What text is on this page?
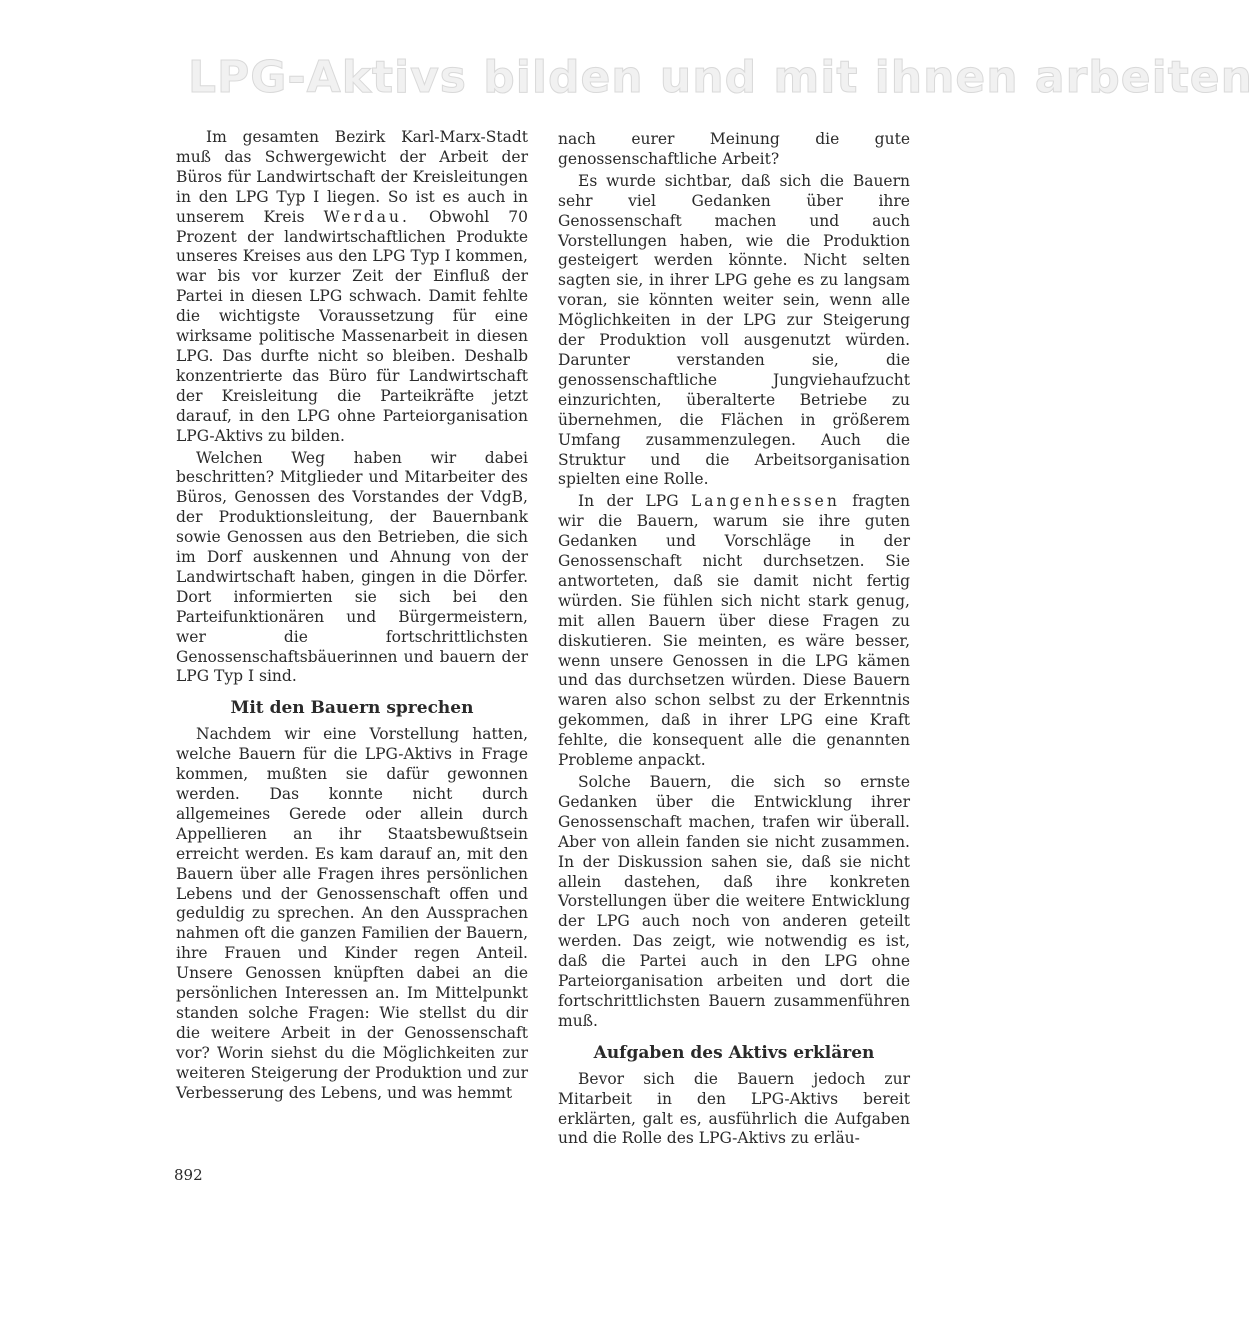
LPG-Aktivs bilden und mit ihnen arbeiten

Im gesamten Bezirk Karl-Marx-Stadt muß das Schwergewicht der Arbeit der Büros für Landwirtschaft der Kreisleitungen in den LPG Typ I liegen. So ist es auch in unserem Kreis Werdau. Obwohl 70 Prozent der landwirtschaftlichen Produkte unseres Kreises aus den LPG Typ I kommen, war bis vor kurzer Zeit der Einfluß der Partei in diesen LPG schwach. Damit fehlte die wichtigste Voraussetzung für eine wirksame politische Massenarbeit in diesen LPG. Das durfte nicht so bleiben. Deshalb konzentrierte das Büro für Landwirtschaft der Kreisleitung die Parteikräfte jetzt darauf, in den LPG ohne Parteiorganisation LPG-Aktivs zu bilden.

Welchen Weg haben wir dabei beschritten? Mitglieder und Mitarbeiter des Büros, Genossen des Vorstandes der VdgB, der Produktionsleitung, der Bauernbank sowie Genossen aus den Betrieben, die sich im Dorf auskennen und Ahnung von der Landwirtschaft haben, gingen in die Dörfer. Dort informierten sie sich bei den Parteifunktionären und Bürgermeistern, wer die fortschrittlichsten Genossenschaftsbäuerinnen und bauern der LPG Typ I sind.

Mit den Bauern sprechen

Nachdem wir eine Vorstellung hatten, welche Bauern für die LPG-Aktivs in Frage kommen, mußten sie dafür gewonnen werden. Das konnte nicht durch allgemeines Gerede oder allein durch Appellieren an ihr Staatsbewußtsein erreicht werden. Es kam darauf an, mit den Bauern über alle Fragen ihres persönlichen Lebens und der Genossenschaft offen und geduldig zu sprechen. An den Aussprachen nahmen oft die ganzen Familien der Bauern, ihre Frauen und Kinder regen Anteil. Unsere Genossen knüpften dabei an die persönlichen Interessen an. Im Mittelpunkt standen solche Fragen: Wie stellst du dir die weitere Arbeit in der Genossenschaft vor? Worin siehst du die Möglichkeiten zur weiteren Steigerung der Produktion und zur Verbesserung des Lebens, und was hemmt

nach eurer Meinung die gute genossenschaftliche Arbeit?

Es wurde sichtbar, daß sich die Bauern sehr viel Gedanken über ihre Genossenschaft machen und auch Vorstellungen haben, wie die Produktion gesteigert werden könnte. Nicht selten sagten sie, in ihrer LPG gehe es zu langsam voran, sie könnten weiter sein, wenn alle Möglichkeiten in der LPG zur Steigerung der Produktion voll ausgenutzt würden. Darunter verstanden sie, die genossenschaftliche Jungviehaufzucht einzurichten, überalterte Betriebe zu übernehmen, die Flächen in größerem Umfang zusammenzulegen. Auch die Struktur und die Arbeitsorganisation spielten eine Rolle.

In der LPG Langenhessen fragten wir die Bauern, warum sie ihre guten Gedanken und Vorschläge in der Genossenschaft nicht durchsetzen. Sie antworteten, daß sie damit nicht fertig würden. Sie fühlen sich nicht stark genug, mit allen Bauern über diese Fragen zu diskutieren. Sie meinten, es wäre besser, wenn unsere Genossen in die LPG kämen und das durchsetzen würden. Diese Bauern waren also schon selbst zu der Erkenntnis gekommen, daß in ihrer LPG eine Kraft fehlte, die konsequent alle die genannten Probleme anpackt.

Solche Bauern, die sich so ernste Gedanken über die Entwicklung ihrer Genossenschaft machen, trafen wir überall. Aber von allein fanden sie nicht zusammen. In der Diskussion sahen sie, daß sie nicht allein dastehen, daß ihre konkreten Vorstellungen über die weitere Entwicklung der LPG auch noch von anderen geteilt werden. Das zeigt, wie notwendig es ist, daß die Partei auch in den LPG ohne Parteiorganisation arbeiten und dort die fortschrittlichsten Bauern zusammenführen muß.

Aufgaben des Aktivs erklären

Bevor sich die Bauern jedoch zur Mitarbeit in den LPG-Aktivs bereit erklärten, galt es, ausführlich die Aufgaben und die Rolle des LPG-Aktivs zu erläu-

892
